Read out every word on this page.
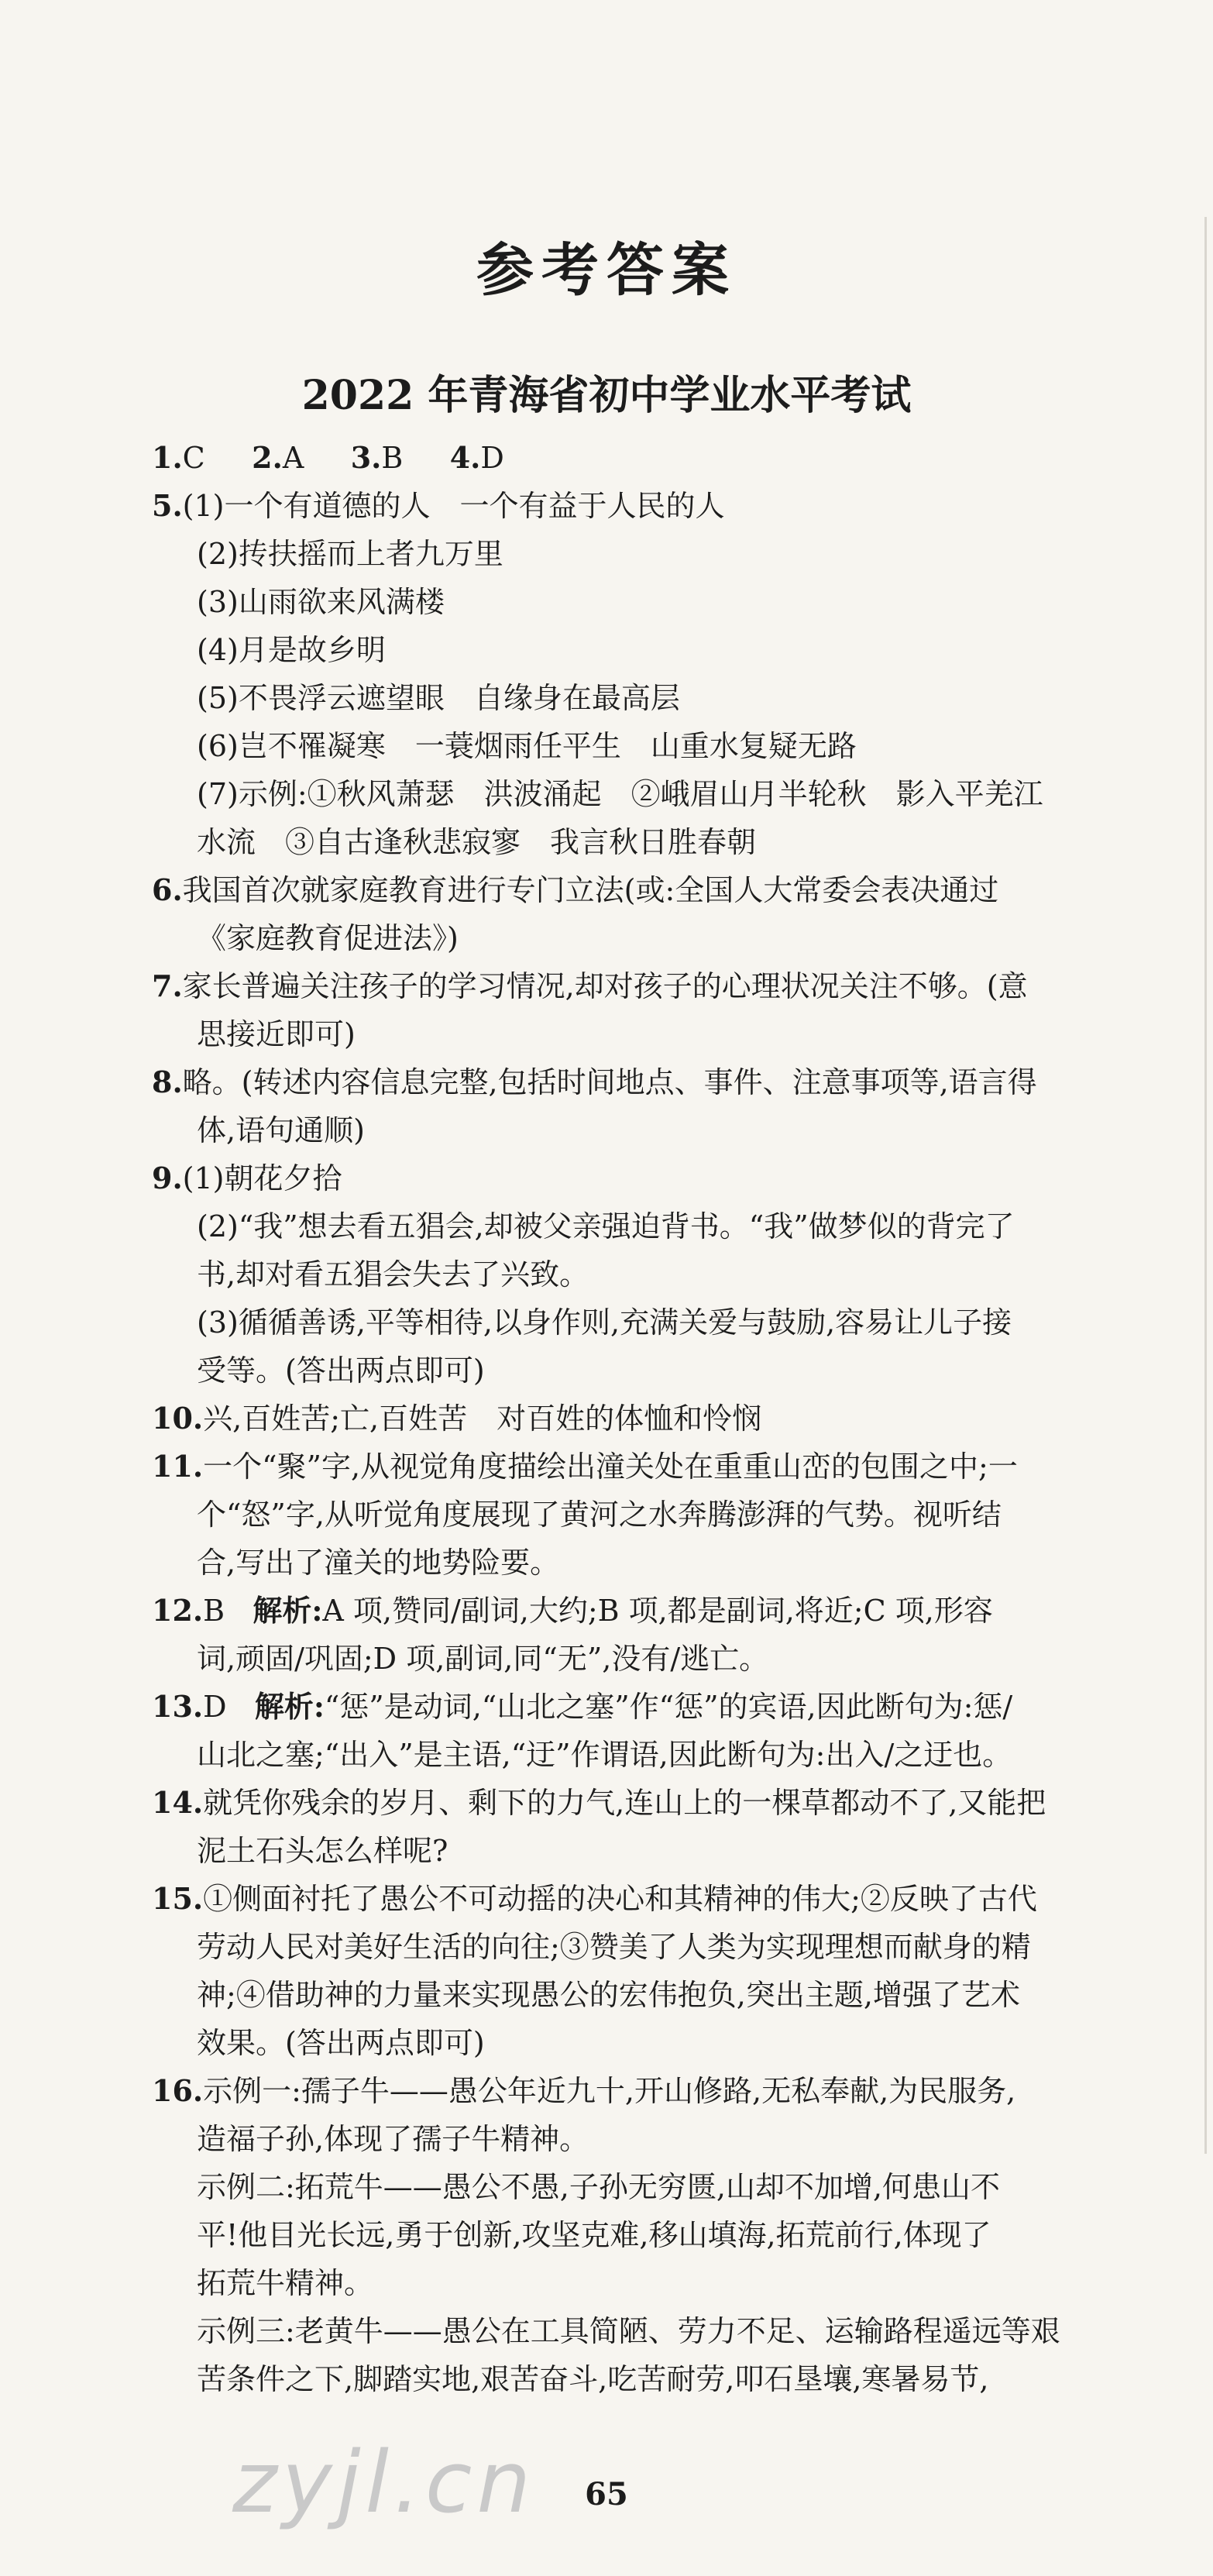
参考答案
2022 年青海省初中学业水平考试
1.C 2.A 3.B 4.D
5.(1)一个有道德的人　一个有益于人民的人
(2)抟扶摇而上者九万里
(3)山雨欲来风满楼
(4)月是故乡明
(5)不畏浮云遮望眼　自缘身在最高层
(6)岂不罹凝寒　一蓑烟雨任平生　山重水复疑无路
(7)示例:①秋风萧瑟　洪波涌起　②峨眉山月半轮秋　影入平羌江
水流　③自古逢秋悲寂寥　我言秋日胜春朝
6.我国首次就家庭教育进行专门立法(或:全国人大常委会表决通过
《家庭教育促进法》)
7.家长普遍关注孩子的学习情况,却对孩子的心理状况关注不够。(意
思接近即可)
8.略。(转述内容信息完整,包括时间地点、事件、注意事项等,语言得
体,语句通顺)
9.(1)朝花夕拾
(2)“我”想去看五猖会,却被父亲强迫背书。“我”做梦似的背完了
书,却对看五猖会失去了兴致。
(3)循循善诱,平等相待,以身作则,充满关爱与鼓励,容易让儿子接
受等。(答出两点即可)
10.兴,百姓苦;亡,百姓苦　对百姓的体恤和怜悯
11.一个“聚”字,从视觉角度描绘出潼关处在重重山峦的包围之中;一
个“怒”字,从听觉角度展现了黄河之水奔腾澎湃的气势。视听结
合,写出了潼关的地势险要。
12.B 解析:A 项,赞同/副词,大约;B 项,都是副词,将近;C 项,形容
词,顽固/巩固;D 项,副词,同“无”,没有/逃亡。
13.D 解析:“惩”是动词,“山北之塞”作“惩”的宾语,因此断句为:惩/
山北之塞;“出入”是主语,“迂”作谓语,因此断句为:出入/之迂也。
14.就凭你残余的岁月、剩下的力气,连山上的一棵草都动不了,又能把
泥土石头怎么样呢?
15.①侧面衬托了愚公不可动摇的决心和其精神的伟大;②反映了古代
劳动人民对美好生活的向往;③赞美了人类为实现理想而献身的精
神;④借助神的力量来实现愚公的宏伟抱负,突出主题,增强了艺术
效果。(答出两点即可)
16.示例一:孺子牛——愚公年近九十,开山修路,无私奉献,为民服务,
造福子孙,体现了孺子牛精神。
示例二:拓荒牛——愚公不愚,子孙无穷匮,山却不加增,何患山不
平!他目光长远,勇于创新,攻坚克难,移山填海,拓荒前行,体现了
拓荒牛精神。
示例三:老黄牛——愚公在工具简陋、劳力不足、运输路程遥远等艰
苦条件之下,脚踏实地,艰苦奋斗,吃苦耐劳,叩石垦壤,寒暑易节,
zyjl.cn	65
